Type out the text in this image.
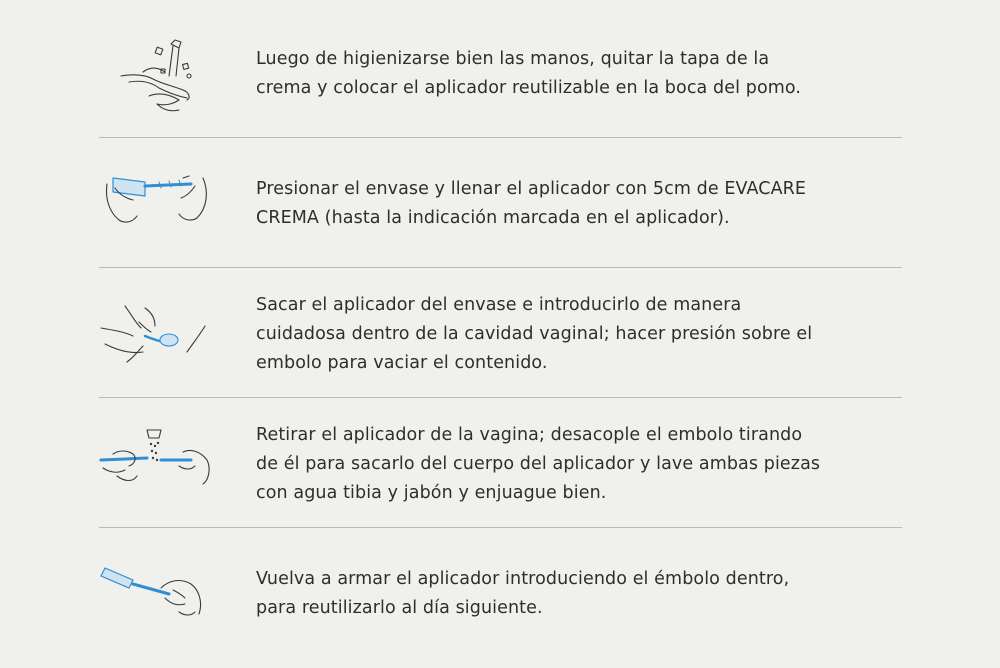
Luego de higienizarse bien las manos, quitar la tapa de la
crema y colocar el aplicador reutilizable en la boca del pomo.

Presionar el envase y llenar el aplicador con 5cm de EVACARE
CREMA (hasta la indicación marcada en el aplicador).

Sacar el aplicador del envase e introducirlo de manera
cuidadosa dentro de la cavidad vaginal; hacer presión sobre el
embolo para vaciar el contenido.

Retirar el aplicador de la vagina; desacople el embolo tirando
de él para sacarlo del cuerpo del aplicador y lave ambas piezas
con agua tibia y jabón y enjuague bien.

Vuelva a armar el aplicador introduciendo el émbolo dentro,
para reutilizarlo al día siguiente.
